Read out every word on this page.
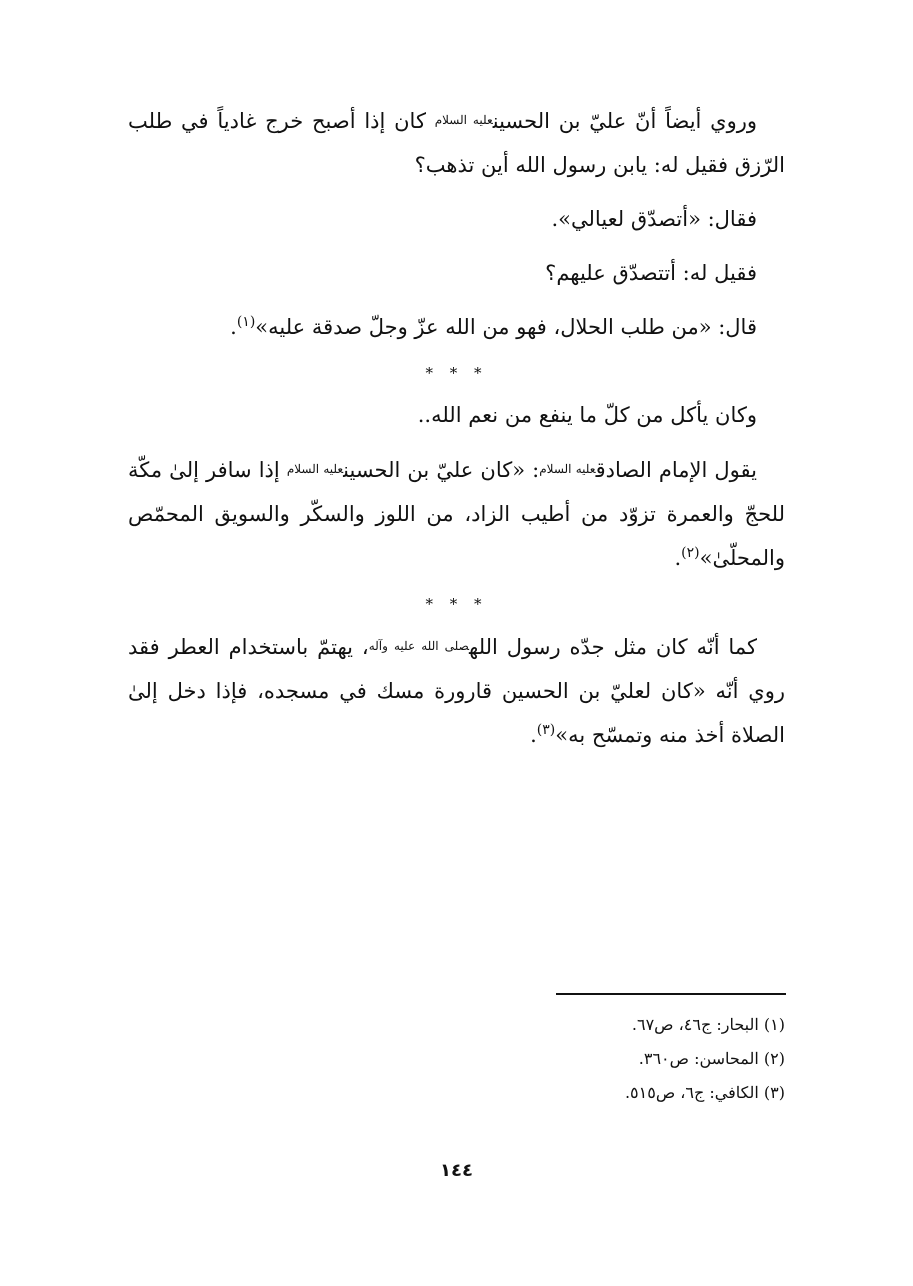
وروي أيضاً أنّ عليّ بن الحسينعليه السلام كان إذا أصبح خرج غادياً في طلب الرّزق فقيل له: يابن رسول الله أين تذهب؟

فقال: «أتصدّق لعيالي».

فقيل له: أتتصدّق عليهم؟

قال: «من طلب الحلال، فهو من الله عزّ وجلّ صدقة عليه»$^{(١)}$.

* * *

وكان يأكل من كلّ ما ينفع من نعم الله..

يقول الإمام الصادقعليه السلام: «كان عليّ بن الحسينعليه السلام إذا سافر إلىٰ مكّة للحجّ والعمرة تزوّد من أطيب الزاد، من اللوز والسكّر والسويق المحمّص والمحلّىٰ»$^{(٢)}$.

* * *

كما أنّه كان مثل جدّه رسول اللهصلى الله عليه وآله، يهتمّ باستخدام العطر فقد روي أنّه «كان لعليّ بن الحسين قارورة مسك في مسجده، فإذا دخل إلىٰ الصلاة أخذ منه وتمسّح به»$^{(٣)}$.

(١) البحار: ج٤٦، ص٦٧.

(٢) المحاسن: ص٣٦٠.

(٣) الكافي: ج٦، ص٥١٥.

١٤٤
